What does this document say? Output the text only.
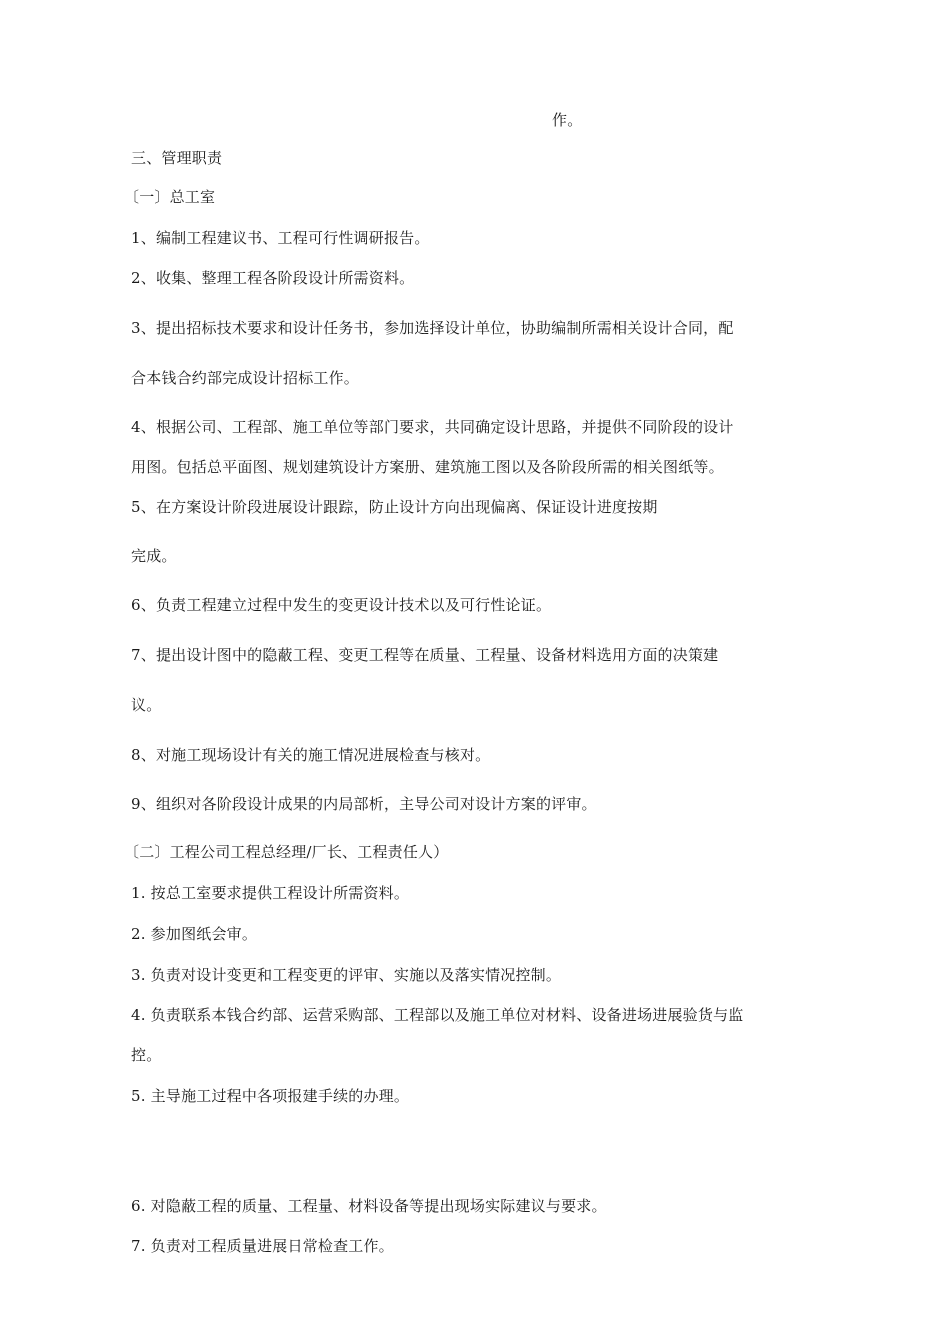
作。
三、管理职责
〔一〕总工室
1、编制工程建议书、工程可行性调研报告。
2、收集、整理工程各阶段设计所需资料。
3、提出招标技术要求和设计任务书，参加选择设计单位，协助编制所需相关设计合同，配
合本钱合约部完成设计招标工作。
4、根据公司、工程部、施工单位等部门要求，共同确定设计思路，并提供不同阶段的设计
用图。包括总平面图、规划建筑设计方案册、建筑施工图以及各阶段所需的相关图纸等。
5、在方案设计阶段进展设计跟踪，防止设计方向出现偏离、保证设计进度按期
完成。
6、负责工程建立过程中发生的变更设计技术以及可行性论证。
7、提出设计图中的隐蔽工程、变更工程等在质量、工程量、设备材料选用方面的决策建
议。
8、对施工现场设计有关的施工情况进展检查与核对。
9、组织对各阶段设计成果的内局部析，主导公司对设计方案的评审。
〔二〕工程公司工程总经理/厂长、工程责任人）
1. 按总工室要求提供工程设计所需资料。
2. 参加图纸会审。
3. 负责对设计变更和工程变更的评审、实施以及落实情况控制。
4. 负责联系本钱合约部、运营采购部、工程部以及施工单位对材料、设备进场进展验货与监
控。
5. 主导施工过程中各项报建手续的办理。
6. 对隐蔽工程的质量、工程量、材料设备等提出现场实际建议与要求。
7. 负责对工程质量进展日常检查工作。
